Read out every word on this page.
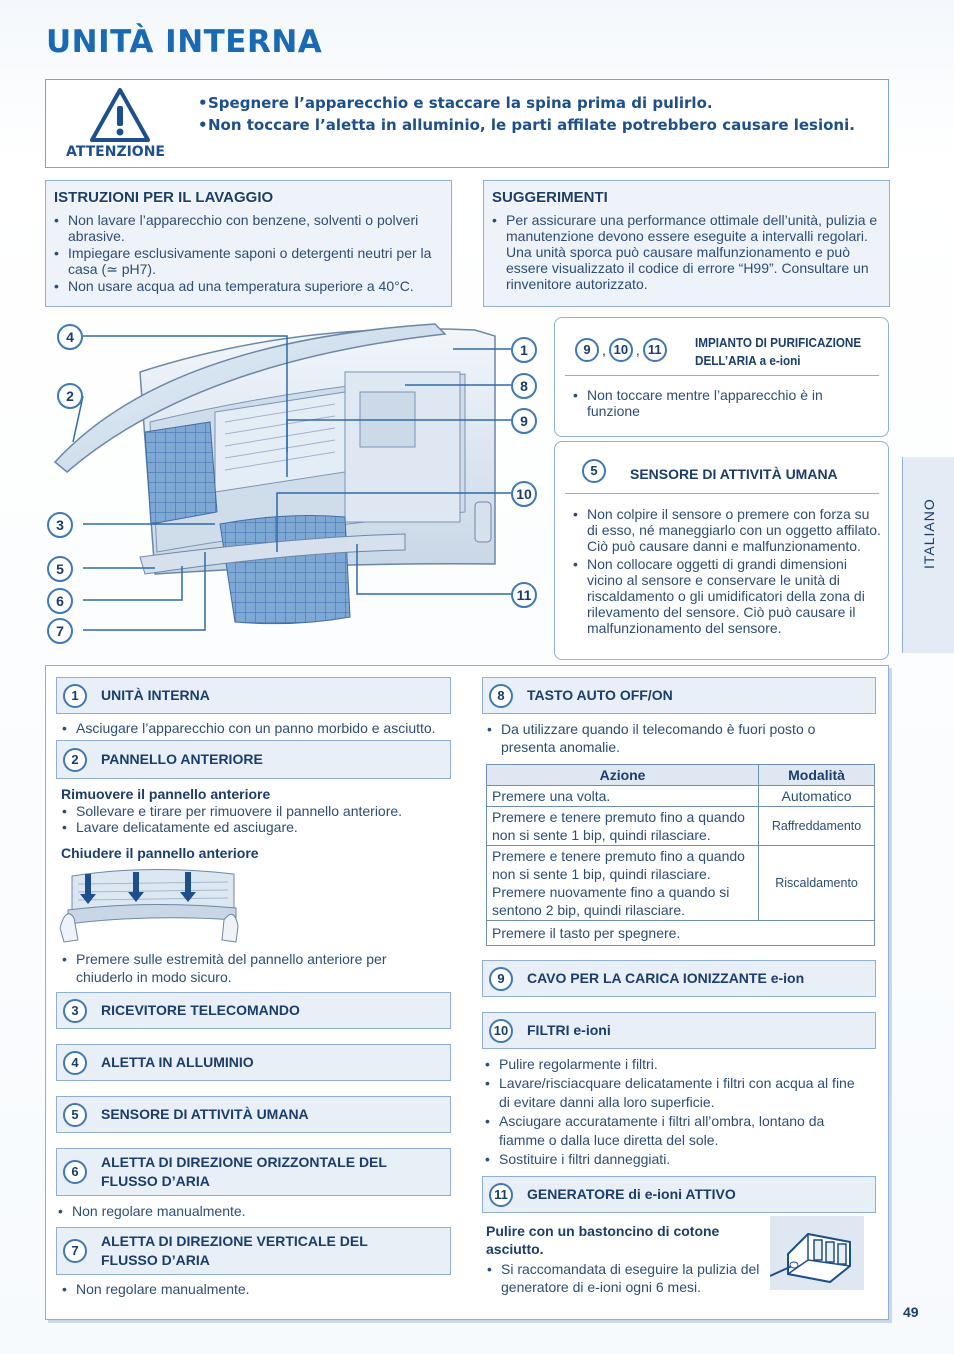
UNITÀ INTERNA
ATTENZIONE
• Spegnere l’apparecchio e staccare la spina prima di pulirlo.
• Non toccare l’aletta in alluminio, le parti affilate potrebbero causare lesioni.
ISTRUZIONI PER IL LAVAGGIO
• Non lavare l’apparecchio con benzene, solventi o polveri abrasive.
• Impiegare esclusivamente saponi o detergenti neutri per la casa (≃ pH7).
• Non usare acqua ad una temperatura superiore a 40°C.
SUGGERIMENTI
• Per assicurare una performance ottimale dell’unità, pulizia e manutenzione devono essere eseguite a intervalli regolari. Una unità sporca può causare malfunzionamento e può essere visualizzato il codice di errore “H99”. Consultare un rinvenitore autorizzato.
4
2
3
5
6
7
1
8
9
10
11
9 , 10 , 11	IMPIANTO DI PURIFICAZIONE
DELL’ARIA a e-ioni
• Non toccare mentre l’apparecchio è in funzione
5	SENSORE DI ATTIVITÀ UMANA
• Non colpire il sensore o premere con forza su di esso, né maneggiarlo con un oggetto affilato. Ciò può causare danni e malfunzionamento.
• Non collocare oggetti di grandi dimensioni vicino al sensore e conservare le unità di riscaldamento o gli umidificatori della zona di rilevamento del sensore. Ciò può causare il malfunzionamento del sensore.
ITALIANO
1	UNITÀ INTERNA
• Asciugare l’apparecchio con un panno morbido e asciutto.
2	PANNELLO ANTERIORE
Rimuovere il pannello anteriore
• Sollevare e tirare per rimuovere il pannello anteriore.
• Lavare delicatamente ed asciugare.
Chiudere il pannello anteriore
• Premere sulle estremità del pannello anteriore per chiuderlo in modo sicuro.
3	RICEVITORE TELECOMANDO
4	ALETTA IN ALLUMINIO
5	SENSORE DI ATTIVITÀ UMANA
6
ALETTA DI DIREZIONE ORIZZONTALE DEL
FLUSSO D’ARIA
• Non regolare manualmente.
7
ALETTA DI DIREZIONE VERTICALE DEL
FLUSSO D’ARIA
• Non regolare manualmente.
8	TASTO AUTO OFF/ON
• Da utilizzare quando il telecomando è fuori posto o presenta anomalie.
Azione	Modalità
Premere una volta.	Automatico
Premere e tenere premuto fino a quando non si sente 1 bip, quindi rilasciare.	Raffreddamento
Premere e tenere premuto fino a quando non si sente 1 bip, quindi rilasciare. Premere nuovamente fino a quando si sentono 2 bip, quindi rilasciare.	Riscaldamento
Premere il tasto per spegnere.	
9	CAVO PER LA CARICA IONIZZANTE e-ion
10	FILTRI e-ioni
• Pulire regolarmente i filtri.
• Lavare/risciacquare delicatamente i filtri con acqua al fine di evitare danni alla loro superficie.
• Asciugare accuratamente i filtri all’ombra, lontano da fiamme o dalla luce diretta del sole.
• Sostituire i filtri danneggiati.
11	GENERATORE di e-ioni ATTIVO
Pulire con un bastoncino di cotone asciutto.
• Si raccomandata di eseguire la pulizia del generatore di e-ioni ogni 6 mesi.
49
